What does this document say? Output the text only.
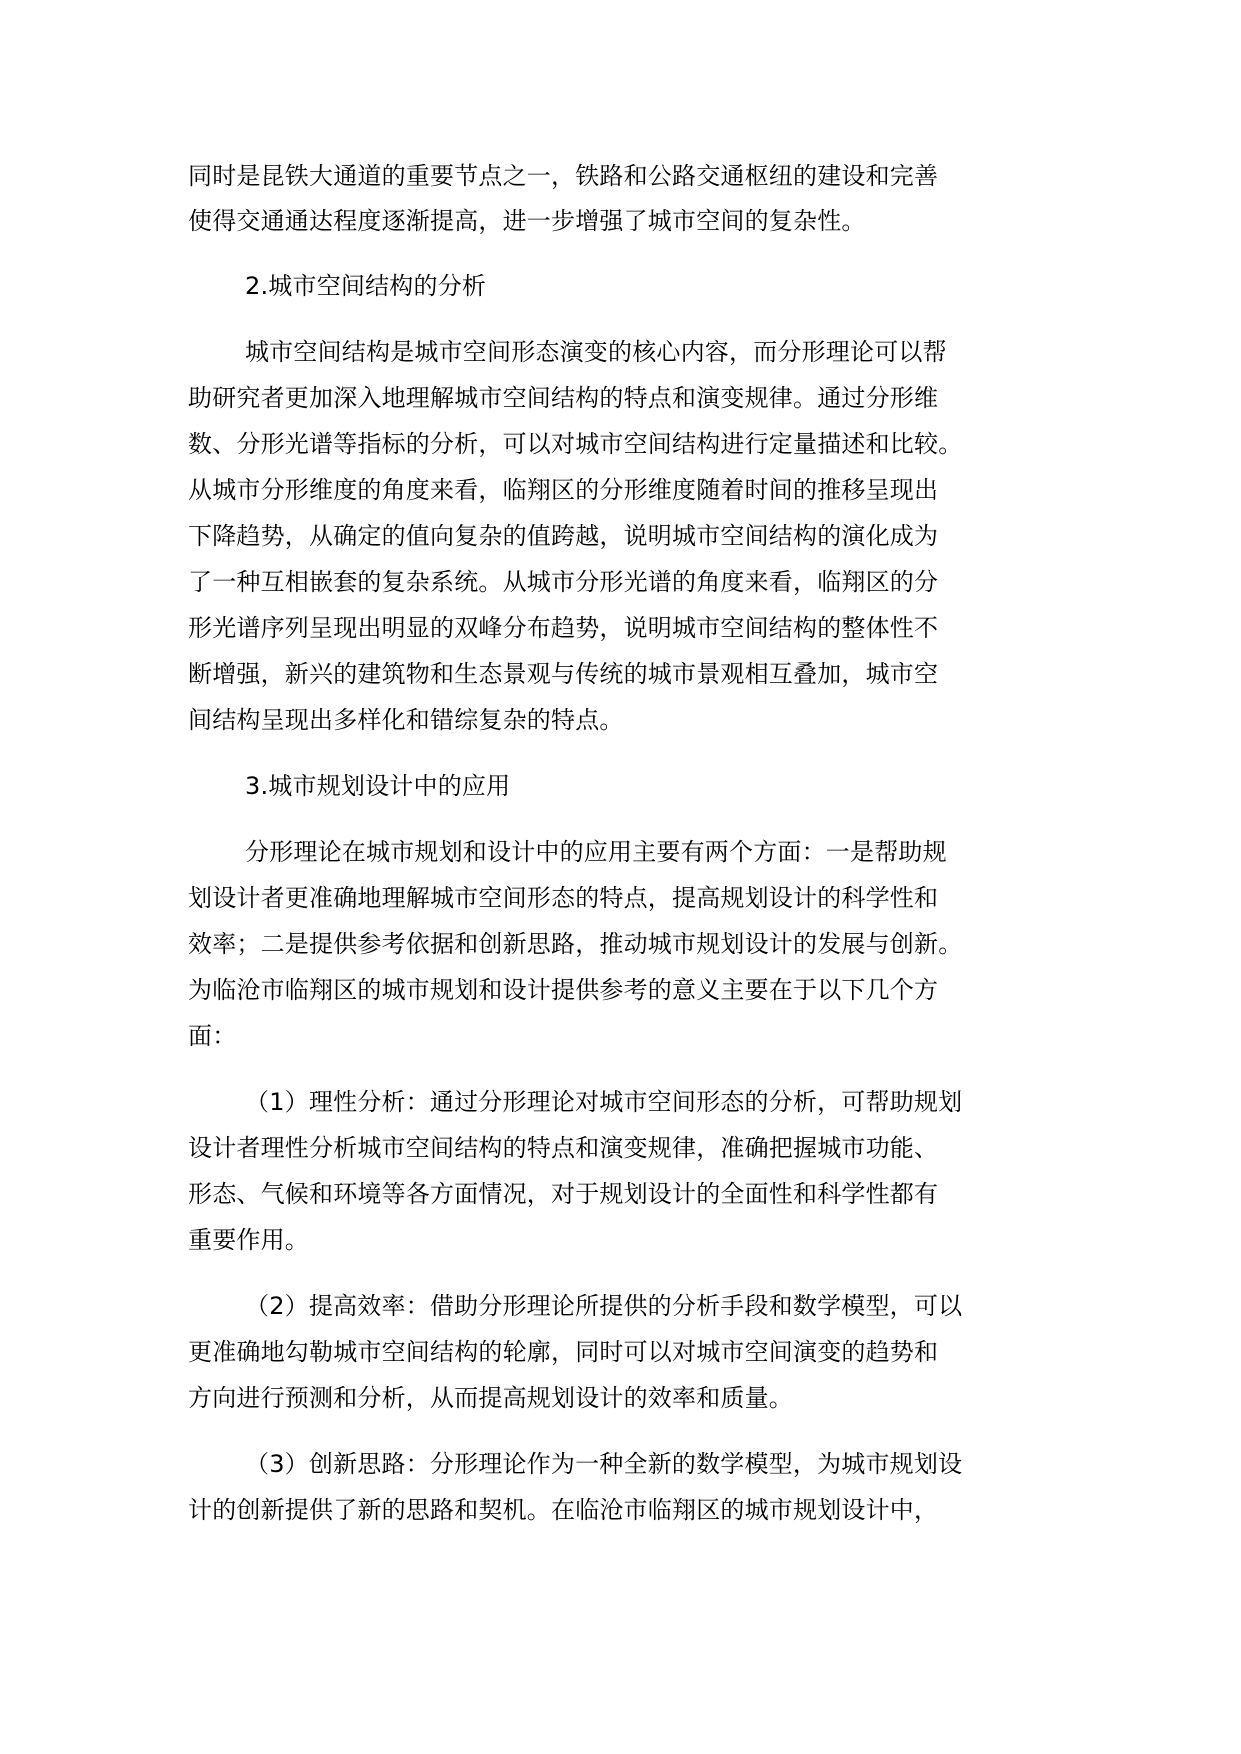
同时是昆铁大通道的重要节点之一，铁路和公路交通枢纽的建设和完善

使得交通通达程度逐渐提高，进一步增强了城市空间的复杂性。

2.城市空间结构的分析

城市空间结构是城市空间形态演变的核心内容，而分形理论可以帮

助研究者更加深入地理解城市空间结构的特点和演变规律。通过分形维

数、分形光谱等指标的分析，可以对城市空间结构进行定量描述和比较。

从城市分形维度的角度来看，临翔区的分形维度随着时间的推移呈现出

下降趋势，从确定的值向复杂的值跨越，说明城市空间结构的演化成为

了一种互相嵌套的复杂系统。从城市分形光谱的角度来看，临翔区的分

形光谱序列呈现出明显的双峰分布趋势，说明城市空间结构的整体性不

断增强，新兴的建筑物和生态景观与传统的城市景观相互叠加，城市空

间结构呈现出多样化和错综复杂的特点。

3.城市规划设计中的应用

分形理论在城市规划和设计中的应用主要有两个方面：一是帮助规

划设计者更准确地理解城市空间形态的特点，提高规划设计的科学性和

效率；二是提供参考依据和创新思路，推动城市规划设计的发展与创新。

为临沧市临翔区的城市规划和设计提供参考的意义主要在于以下几个方

面：

（1）理性分析：通过分形理论对城市空间形态的分析，可帮助规划

设计者理性分析城市空间结构的特点和演变规律，准确把握城市功能、

形态、气候和环境等各方面情况，对于规划设计的全面性和科学性都有

重要作用。

（2）提高效率：借助分形理论所提供的分析手段和数学模型，可以

更准确地勾勒城市空间结构的轮廓，同时可以对城市空间演变的趋势和

方向进行预测和分析，从而提高规划设计的效率和质量。

（3）创新思路：分形理论作为一种全新的数学模型，为城市规划设

计的创新提供了新的思路和契机。在临沧市临翔区的城市规划设计中，
